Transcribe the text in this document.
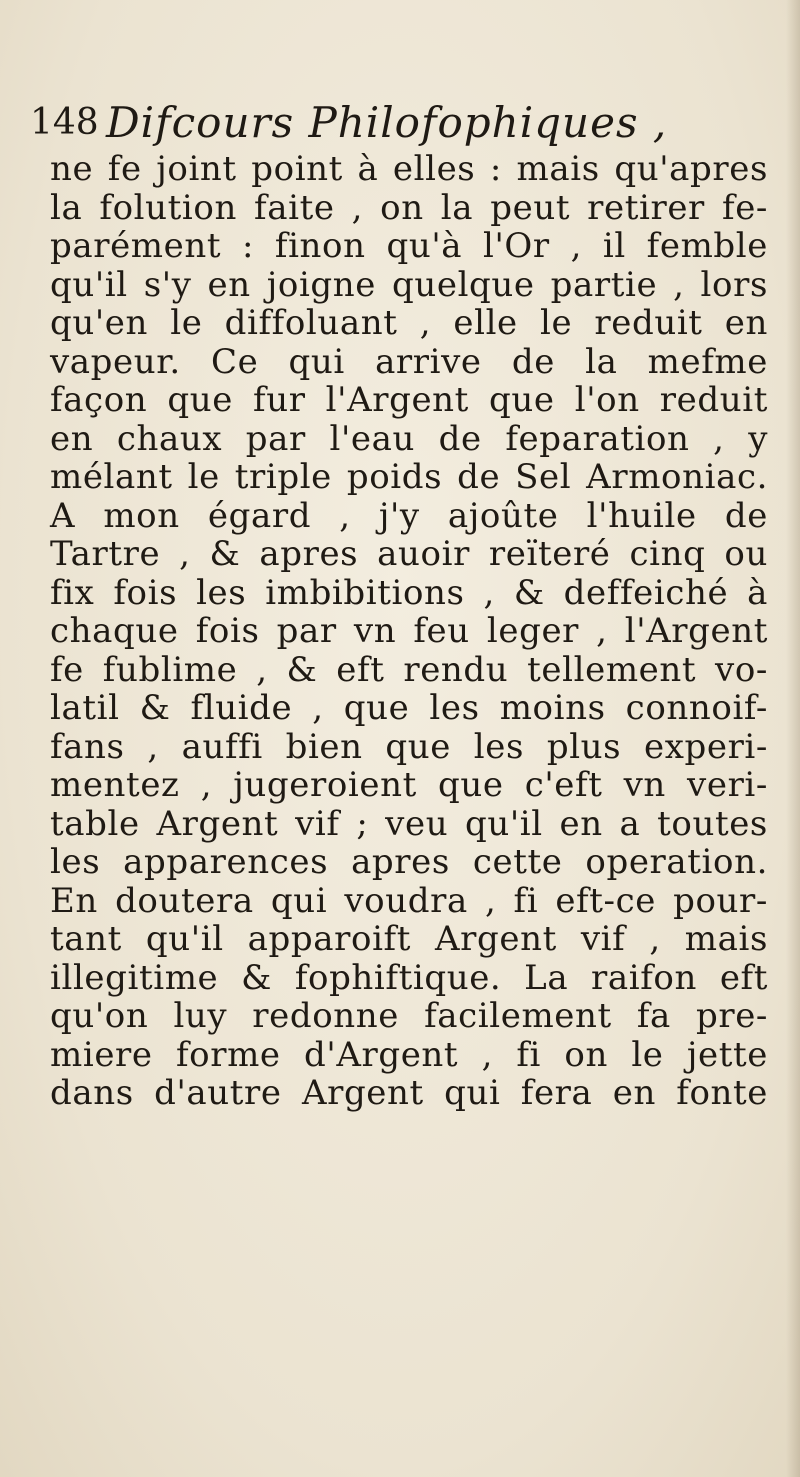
148 Difcours Philofophiques ,
ne fe joint point à elles : mais qu'apres
la folution faite , on la peut retirer fe-
parément : finon qu'à l'Or , il femble
qu'il s'y en joigne quelque partie , lors
qu'en le diffoluant , elle le reduit en
vapeur. Ce qui arrive de la mefme
façon que fur l'Argent que l'on reduit
en chaux par l'eau de feparation , y
mélant le triple poids de Sel Armoniac.
A mon égard , j'y ajoûte l'huile de
Tartre , & apres auoir reïteré cinq ou
fix fois les imbibitions , & deffeiché à
chaque fois par vn feu leger , l'Argent
fe fublime , & eft rendu tellement vo-
latil & fluide , que les moins connoif-
fans , auffi bien que les plus experi-
mentez , jugeroient que c'eft vn veri-
table Argent vif ; veu qu'il en a toutes
les apparences apres cette operation.
En doutera qui voudra , fi eft-ce pour-
tant qu'il apparoift Argent vif , mais
illegitime & fophiftique. La raifon eft
qu'on luy redonne facilement fa pre-
miere forme d'Argent , fi on le jette
dans d'autre Argent qui fera en fonte
